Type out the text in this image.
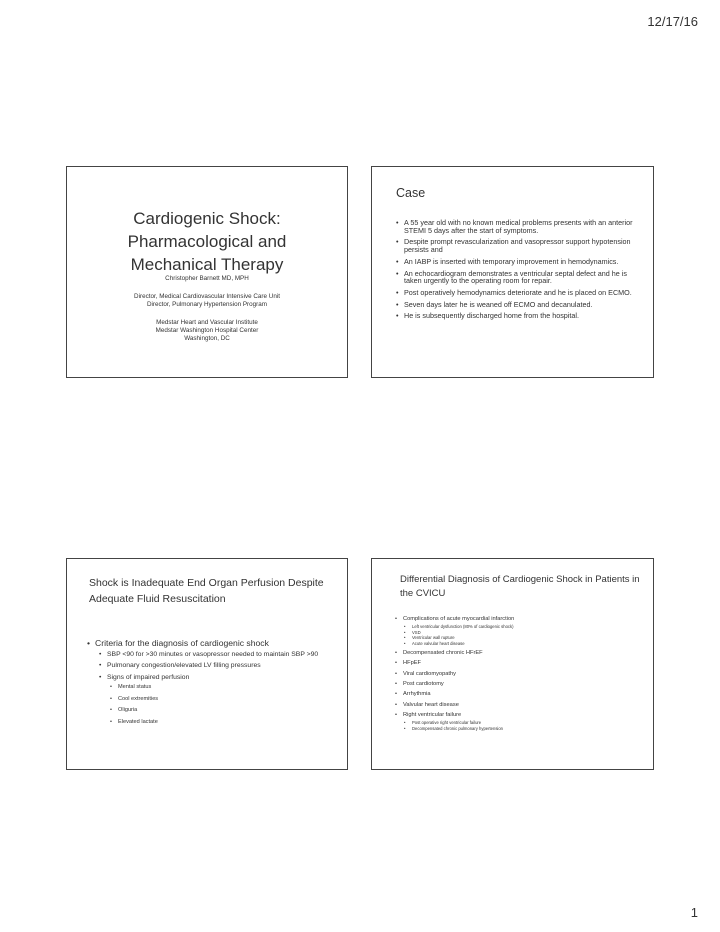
12/17/16
Cardiogenic Shock:
Pharmacological and
Mechanical Therapy
Christopher Barnett MD, MPH
Director, Medical Cardiovascular Intensive Care Unit
Director, Pulmonary Hypertension Program
Medstar Heart and Vascular Institute
Medstar Washington Hospital Center
Washington, DC
Case
• A 55 year old with no known medical problems presents with an anterior STEMI 5 days after the start of symptoms.
• Despite prompt revascularization and vasopressor support hypotension persists and
• An IABP is inserted with temporary improvement in hemodynamics.
• An echocardiogram demonstrates a ventricular septal defect and he is taken urgently to the operating room for repair.
• Post operatively hemodynamics deteriorate and he is placed on ECMO.
• Seven days later he is weaned off ECMO and decanulated.
• He is subsequently discharged home from the hospital.
Shock is Inadequate End Organ Perfusion Despite Adequate Fluid Resuscitation
• Criteria for the diagnosis of cardiogenic shock
• SBP <90 for >30 minutes or vasopressor needed to maintain SBP >90
• Pulmonary congestion/elevated LV filling pressures
• Signs of impaired perfusion
• Mental status
• Cool extremities
• Oliguria
• Elevated lactate
Differential Diagnosis of Cardiogenic Shock in Patients in the CVICU
• Complications of acute myocardial infarction
• Left ventricular dysfunction (80% of cardiogenic shock)
• VSD
• Ventricular wall rupture
• Acute valvular heart disease
• Decompensated chronic HFrEF
• HFpEF
• Viral cardiomyopathy
• Post cardiotomy
• Arrhythmia
• Valvular heart disease
• Right ventricular failure
• Post operative right ventricular failure
• Decompensated chronic pulmonary hypertension
1
